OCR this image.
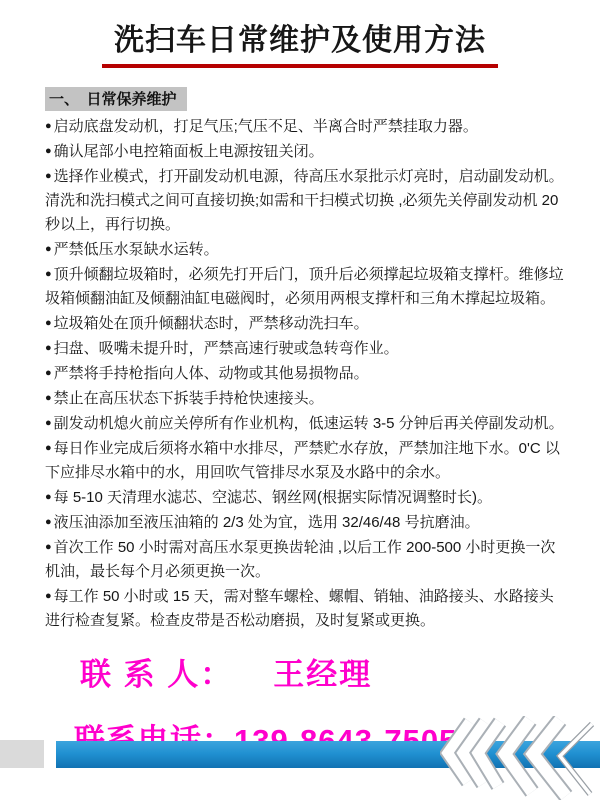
洗扫车日常维护及使用方法
一、　日常保养维护
● 启动底盘发动机，打足气压;气压不足、半离合时严禁挂取力器。
● 确认尾部小电控箱面板上电源按钮关闭。
● 选择作业模式，打开副发动机电源，待高压水泵批示灯亮时，启动副发动机。清洗和洗扫模式之间可直接切换;如需和干扫模式切换 ,必须先关停副发动机 20 秒以上，再行切换。
● 严禁低压水泵缺水运转。
● 顶升倾翻垃圾箱时，必须先打开后门，顶升后必须撑起垃圾箱支撑杆。维修垃圾箱倾翻油缸及倾翻油缸电磁阀时，必须用两根支撑杆和三角木撑起垃圾箱。
● 垃圾箱处在顶升倾翻状态时，严禁移动洗扫车。
● 扫盘、吸嘴未提升时，严禁高速行驶或急转弯作业。
● 严禁将手持枪指向人体、动物或其他易损物品。
● 禁止在高压状态下拆装手持枪快速接头。
● 副发动机熄火前应关停所有作业机构，低速运转 3-5 分钟后再关停副发动机。
● 每日作业完成后须将水箱中水排尽，严禁贮水存放，严禁加注地下水。0'C 以下应排尽水箱中的水，用回吹气管排尽水泵及水路中的余水。
● 每 5-10 天清理水滤芯、空滤芯、钢丝网(根据实际情况调整时长)。
● 液压油添加至液压油箱的 2/3 处为宜，选用 32/46/48 号抗磨油。
● 首次工作 50 小时需对高压水泵更换齿轮油 ,以后工作 200-500 小时更换一次机油，最长每个月必须更换一次。
● 每工作 50 小时或 15 天，需对整车螺栓、螺帽、销轴、油路接头、水路接头进行检查复紧。检查皮带是否松动磨损，及时复紧或更换。
联 系 人： 王经理
